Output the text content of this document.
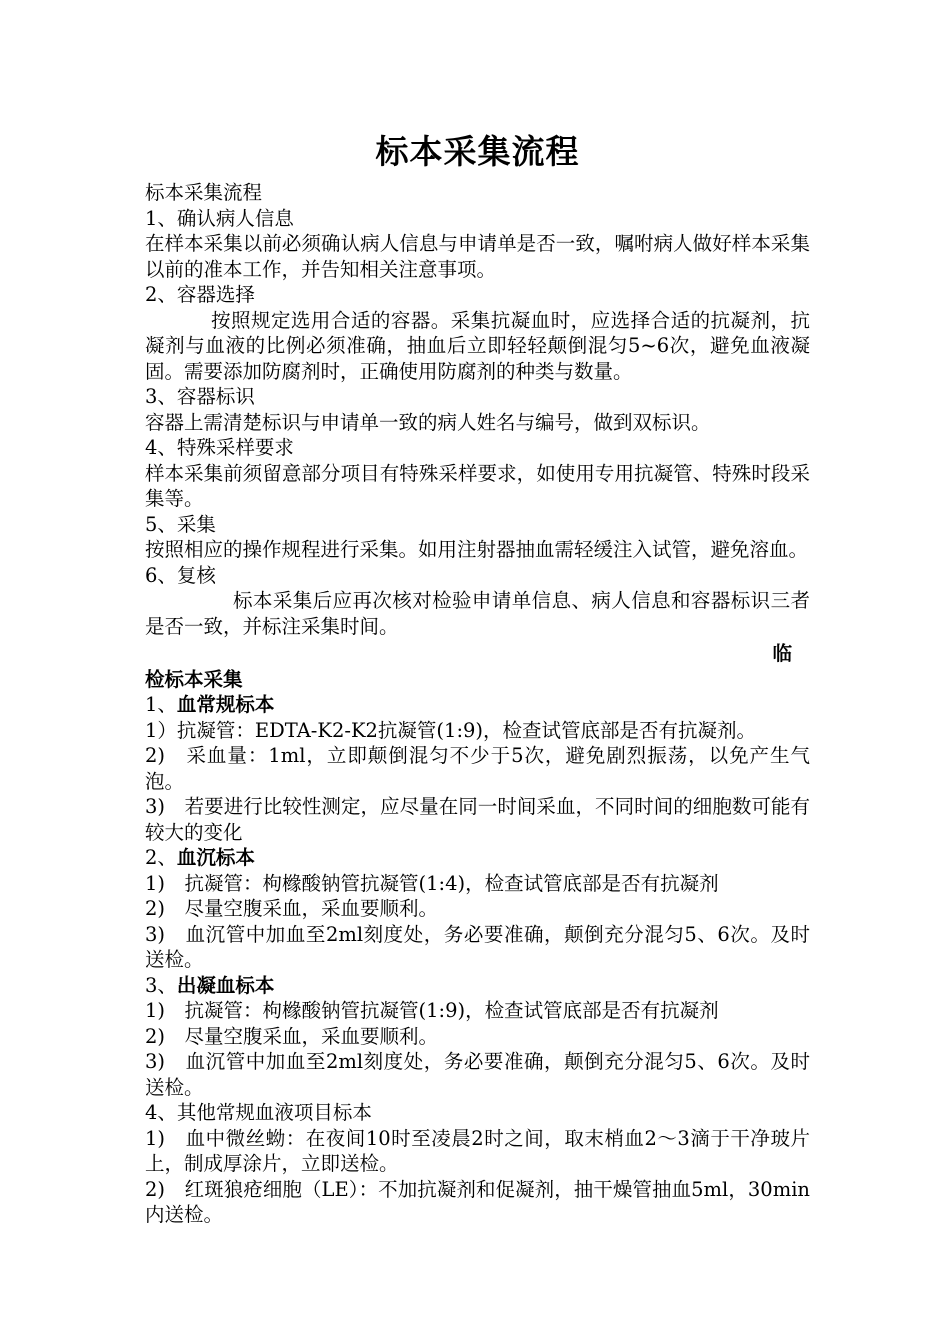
标本采集流程

标本采集流程

1、确认病人信息

在样本采集以前必须确认病人信息与申请单是否一致，嘱咐病人做好样本采集以前的准本工作，并告知相关注意事项。

2、容器选择

按照规定选用合适的容器。采集抗凝血时，应选择合适的抗凝剂，抗凝剂与血液的比例必须准确，抽血后立即轻轻颠倒混匀5~6次，避免血液凝固。需要添加防腐剂时，正确使用防腐剂的种类与数量。

3、容器标识

容器上需清楚标识与申请单一致的病人姓名与编号，做到双标识。

4、特殊采样要求

样本采集前须留意部分项目有特殊采样要求，如使用专用抗凝管、特殊时段采集等。

5、采集

按照相应的操作规程进行采集。如用注射器抽血需轻缓注入试管，避免溶血。

6、复核

标本采集后应再次核对检验申请单信息、病人信息和容器标识三者是否一致，并标注采集时间。

临

检标本采集

1、血常规标本

1）抗凝管：EDTA-K2-K2抗凝管(1:9)，检查试管底部是否有抗凝剂。

2)　采血量：1ml，立即颠倒混匀不少于5次，避免剧烈振荡，以免产生气泡。

3)　若要进行比较性测定，应尽量在同一时间采血，不同时间的细胞数可能有较大的变化

2、血沉标本

1)　抗凝管：枸橼酸钠管抗凝管(1:4)，检查试管底部是否有抗凝剂

2)　尽量空腹采血，采血要顺利。

3)　血沉管中加血至2ml刻度处，务必要准确，颠倒充分混匀5、6次。及时送检。

3、出凝血标本

1)　抗凝管：枸橼酸钠管抗凝管(1:9)，检查试管底部是否有抗凝剂

2)　尽量空腹采血，采血要顺利。

3)　血沉管中加血至2ml刻度处，务必要准确，颠倒充分混匀5、6次。及时送检。

4、其他常规血液项目标本

1)　血中微丝蚴：在夜间10时至凌晨2时之间，取末梢血2～3滴于干净玻片上，制成厚涂片，立即送检。

2)　红斑狼疮细胞（LE）：不加抗凝剂和促凝剂，抽干燥管抽血5ml，30min内送检。
